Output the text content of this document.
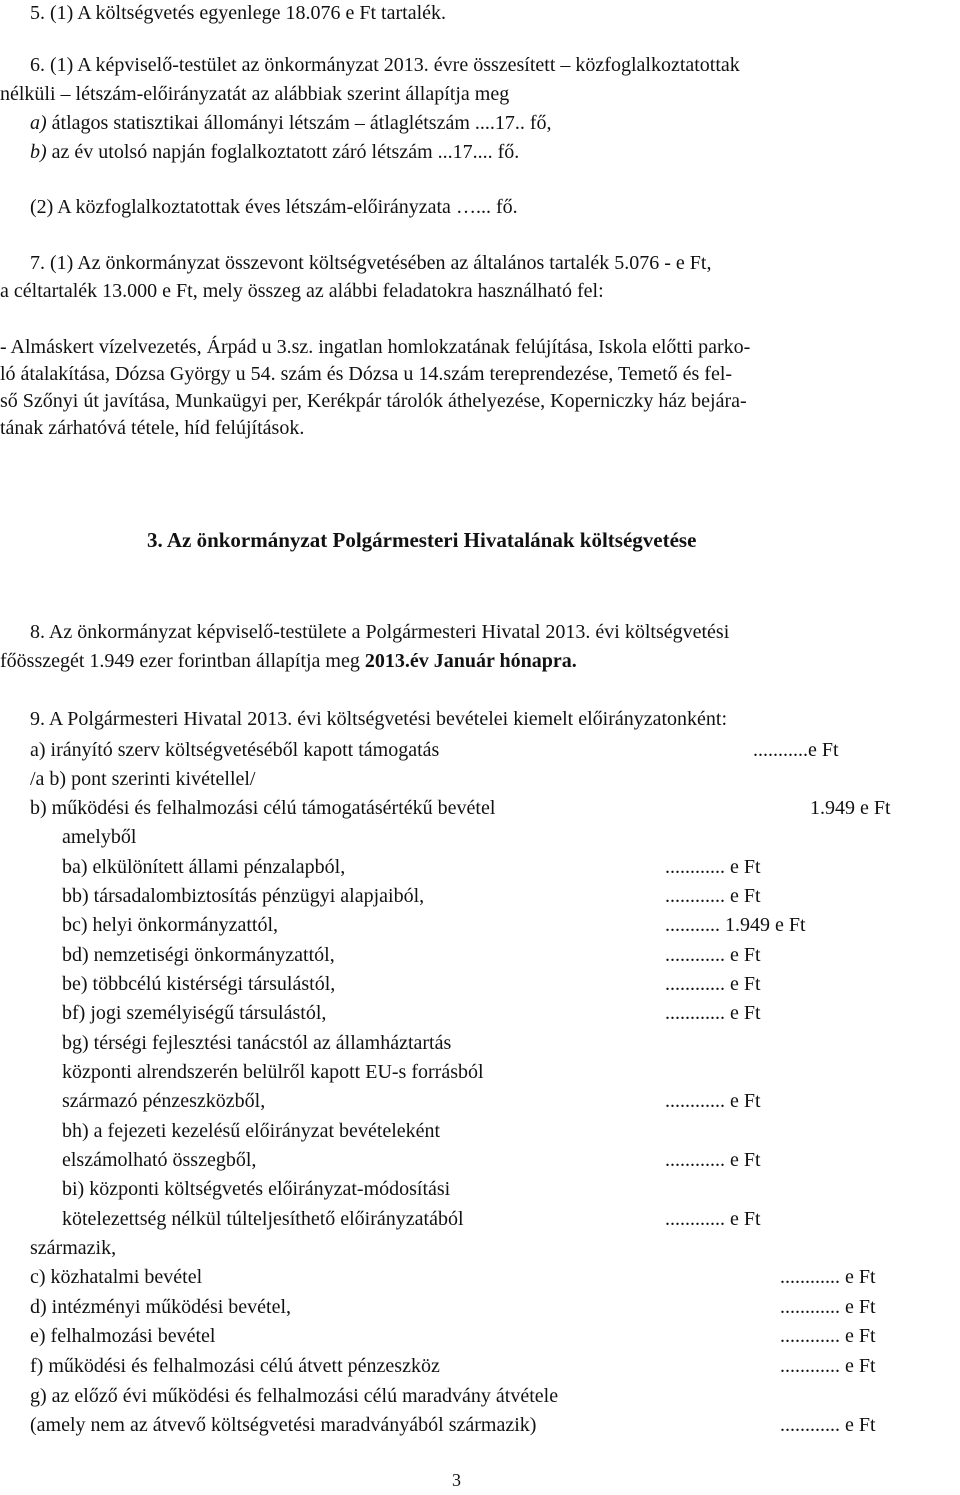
5. (1) A költségvetés egyenlege 18.076 e Ft tartalék.
6. (1) A képviselő-testület az önkormányzat 2013. évre összesített – közfoglalkoztatottak
nélküli – létszám-előirányzatát az alábbiak szerint állapítja meg
a) átlagos statisztikai állományi létszám – átlaglétszám ....17.. fő,
b) az év utolsó napján foglalkoztatott záró létszám ...17.... fő.
(2) A közfoglalkoztatottak éves létszám-előirányzata …... fő.
7. (1) Az önkormányzat összevont költségvetésében az általános tartalék 5.076 - e Ft,
a céltartalék 13.000 e Ft, mely összeg az alábbi feladatokra használható fel:
- Almáskert vízelvezetés, Árpád u 3.sz. ingatlan homlokzatának felújítása, Iskola előtti parko-
ló átalakítása, Dózsa György u 54. szám és Dózsa u 14.szám tereprendezése, Temető és fel-
ső Szőnyi út javítása, Munkaügyi per, Kerékpár tárolók áthelyezése, Koperniczky ház bejára-
tának zárhatóvá tétele, híd felújítások.
3. Az önkormányzat Polgármesteri Hivatalának költségvetése
8. Az önkormányzat képviselő-testülete a Polgármesteri Hivatal 2013. évi költségvetési
főösszegét 1.949 ezer forintban állapítja meg 2013.év Január hónapra.
9. A Polgármesteri Hivatal 2013. évi költségvetési bevételei kiemelt előirányzatonként:
a) irányító szerv költségvetéséből kapott támogatás	...........e Ft
/a b) pont szerinti kivétellel/
b) működési és felhalmozási célú támogatásértékű bevétel	1.949 e Ft
amelyből
ba) elkülönített állami pénzalapból,	............ e Ft
bb) társadalombiztosítás pénzügyi alapjaiból,	............ e Ft
bc) helyi önkormányzattól,	........... 1.949 e Ft
bd) nemzetiségi önkormányzattól,	............ e Ft
be) többcélú kistérségi társulástól,	............ e Ft
bf) jogi személyiségű társulástól,	............ e Ft
bg) térségi fejlesztési tanácstól az államháztartás
központi alrendszerén belülről kapott EU-s forrásból
származó pénzeszközből,	............ e Ft
bh) a fejezeti kezelésű előirányzat bevételeként
elszámolható összegből,	............ e Ft
bi) központi költségvetés előirányzat-módosítási
kötelezettség nélkül túlteljesíthető előirányzatából	............ e Ft
származik,
c) közhatalmi bevétel	............ e Ft
d) intézményi működési bevétel,	............ e Ft
e) felhalmozási bevétel	............ e Ft
f) működési és felhalmozási célú átvett pénzeszköz	............ e Ft
g) az előző évi működési és felhalmozási célú maradvány átvétele
(amely nem az átvevő költségvetési maradványából származik)	............ e Ft
3
